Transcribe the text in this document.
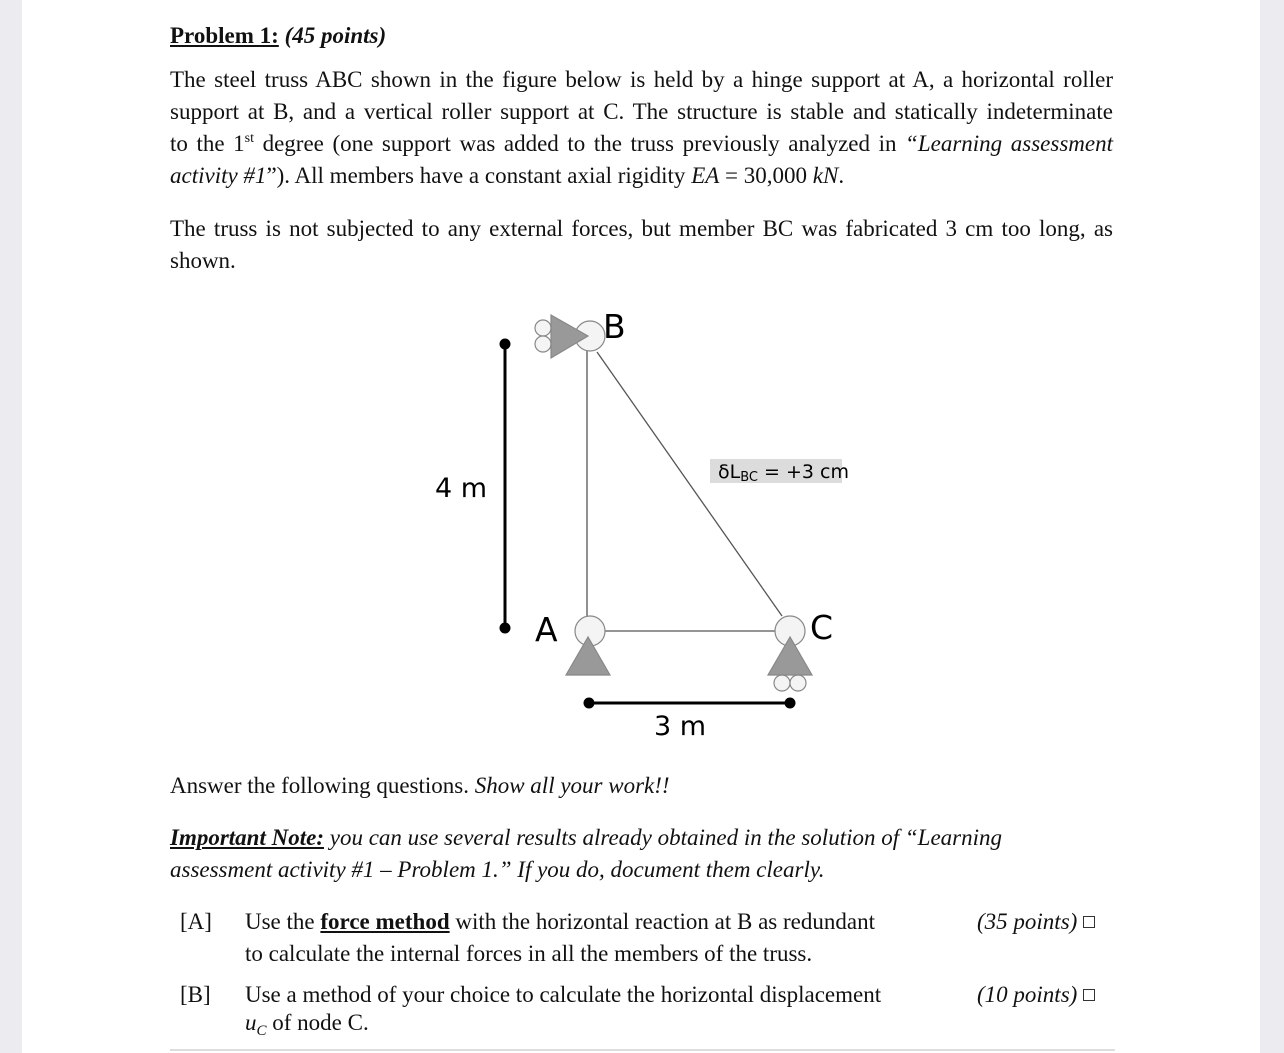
Problem 1: (45 points)
The steel truss ABC shown in the figure below is held by a hinge support at A, a horizontal roller
support at B, and a vertical roller support at C. The structure is stable and statically indeterminate
to the 1st degree (one support was added to the truss previously analyzed in “Learning assessment
activity #1”). All members have a constant axial rigidity EA = 30,000 kN.
The truss is not subjected to any external forces, but member BC was fabricated 3 cm too long, as
shown.
B
A	C
4 m
3 m
δLBC = +3 cm
Answer the following questions. Show all your work!!
Important Note: you can use several results already obtained in the solution of “Learning
assessment activity #1 – Problem 1.” If you do, document them clearly.
[A] Use the force method with the horizontal reaction at B as redundant
to calculate the internal forces in all the members of the truss.
(35 points)
[B] Use a method of your choice to calculate the horizontal displacement
$u_C$ of node C.
(10 points)
